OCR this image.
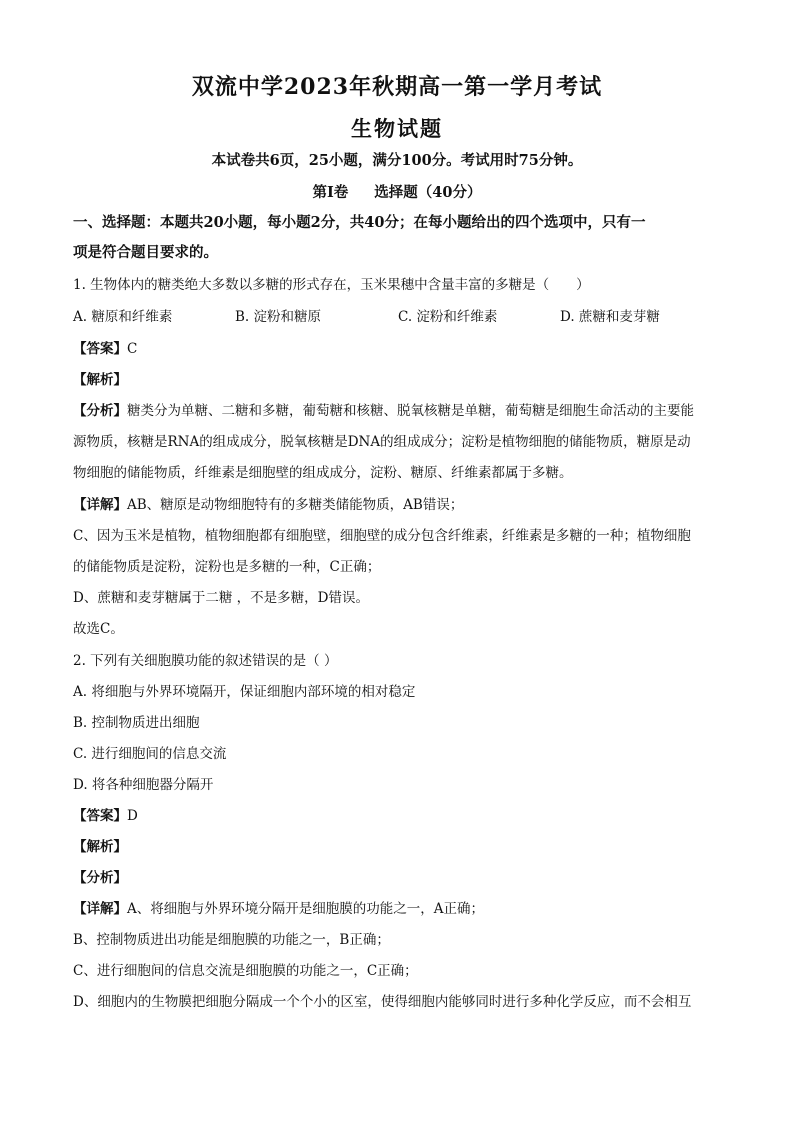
双流中学2023年秋期高一第一学月考试
生物试题
本试卷共6页，25小题，满分100分。考试用时75分钟。
第I卷 选择题（40分）
一、选择题：本题共20小题，每小题2分，共40分；在每小题给出的四个选项中，只有一
项是符合题目要求的。
1. 生物体内的糖类绝大多数以多糖的形式存在，玉米果穗中含量丰富的多糖是（　　）
A. 糖原和纤维素	B. 淀粉和糖原	C. 淀粉和纤维素	D. 蔗糖和麦芽糖
【答案】C
【解析】
【分析】糖类分为单糖、二糖和多糖，葡萄糖和核糖、脱氧核糖是单糖，葡萄糖是细胞生命活动的主要能
源物质，核糖是RNA的组成成分，脱氧核糖是DNA的组成成分；淀粉是植物细胞的储能物质，糖原是动
物细胞的储能物质，纤维素是细胞壁的组成成分，淀粉、糖原、纤维素都属于多糖。
【详解】AB、糖原是动物细胞特有的多糖类储能物质，AB错误；
C、因为玉米是植物，植物细胞都有细胞壁，细胞壁的成分包含纤维素，纤维素是多糖的一种；植物细胞
的储能物质是淀粉，淀粉也是多糖的一种，C正确；
D、蔗糖和麦芽糖属于二糖 ，不是多糖，D错误。
故选C。
2. 下列有关细胞膜功能的叙述错误的是（ ）
A. 将细胞与外界环境隔开，保证细胞内部环境的相对稳定
B. 控制物质进出细胞
C. 进行细胞间的信息交流
D. 将各种细胞器分隔开
【答案】D
【解析】
【分析】
【详解】A、将细胞与外界环境分隔开是细胞膜的功能之一，A正确；
B、控制物质进出功能是细胞膜的功能之一，B正确；
C、进行细胞间的信息交流是细胞膜的功能之一，C正确；
D、细胞内的生物膜把细胞分隔成一个个小的区室，使得细胞内能够同时进行多种化学反应，而不会相互
